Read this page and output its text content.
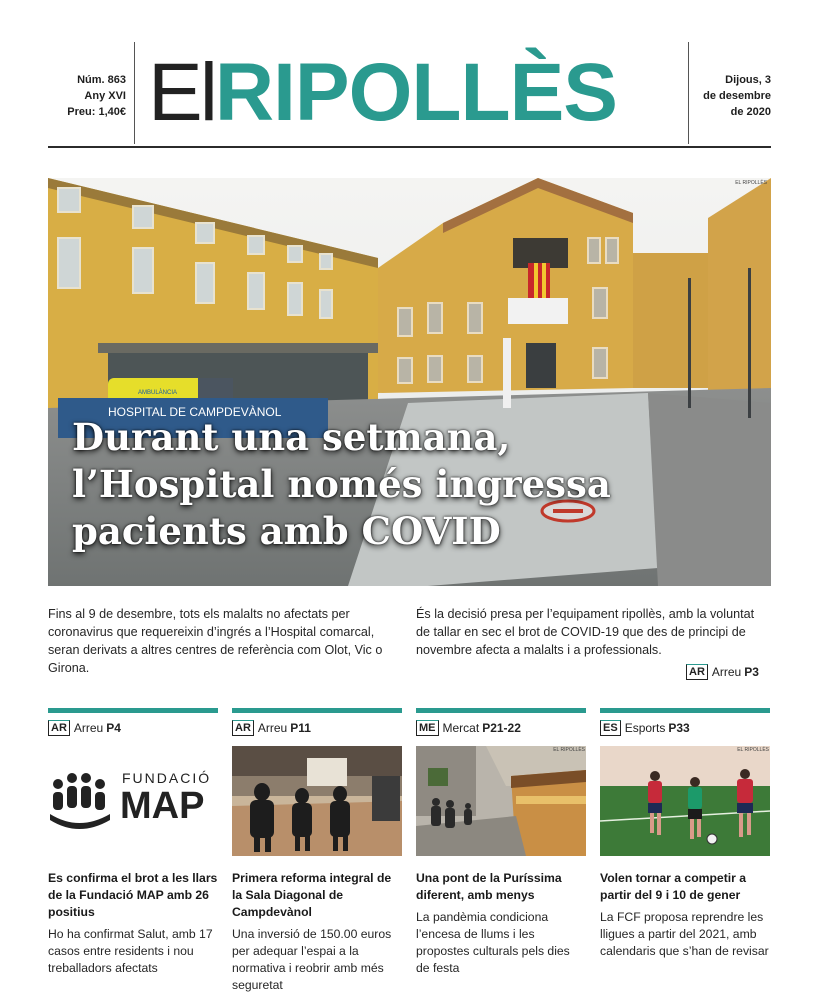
Núm. 863
Any XVI
Preu: 1,40€ ElRIPOLLÈS	Dijous, 3
de desembre
de 2020
AMBULÀNCIA
HOSPITAL DE CAMPDEVÀNOL
EL RIPOLLÈS
Durant una setmana,
l’Hospital només ingressa
pacients amb COVID

Fins al 9 de desembre, tots els malalts no afectats per coronavirus que requereixin d’ingrés a l’Hospital comarcal, seran derivats a altres centres de referència com Olot, Vic o Girona.

És la decisió presa per l’equipament ripollès, amb la voluntat de tallar en sec el brot de COVID-19 que des de principi de novembre afecta a malalts i a professionals.

AR Arreu P3
AR Arreu P4
FUNDACIÓ
MAP
Es confirma el brot a les llars de la Fundació MAP amb 26 positius
Ho ha confirmat Salut, amb 17 casos entre residents i nou treballadors afectats
AR Arreu P11
Primera reforma integral de la Sala Diagonal de Campdevànol
Una inversió de 150.00 euros per adequar l’espai a la normativa i reobrir amb més seguretat
ME Mercat P21-22
EL RIPOLLÈS
Una pont de la Puríssima diferent, amb menys
La pandèmia condiciona l’encesa de llums i les propostes culturals pels dies de festa
ES Esports P33
EL RIPOLLÈS
Volen tornar a competir a partir del 9 i 10 de gener
La FCF proposa reprendre les lligues a partir del 2021, amb calendaris que s’han de revisar
